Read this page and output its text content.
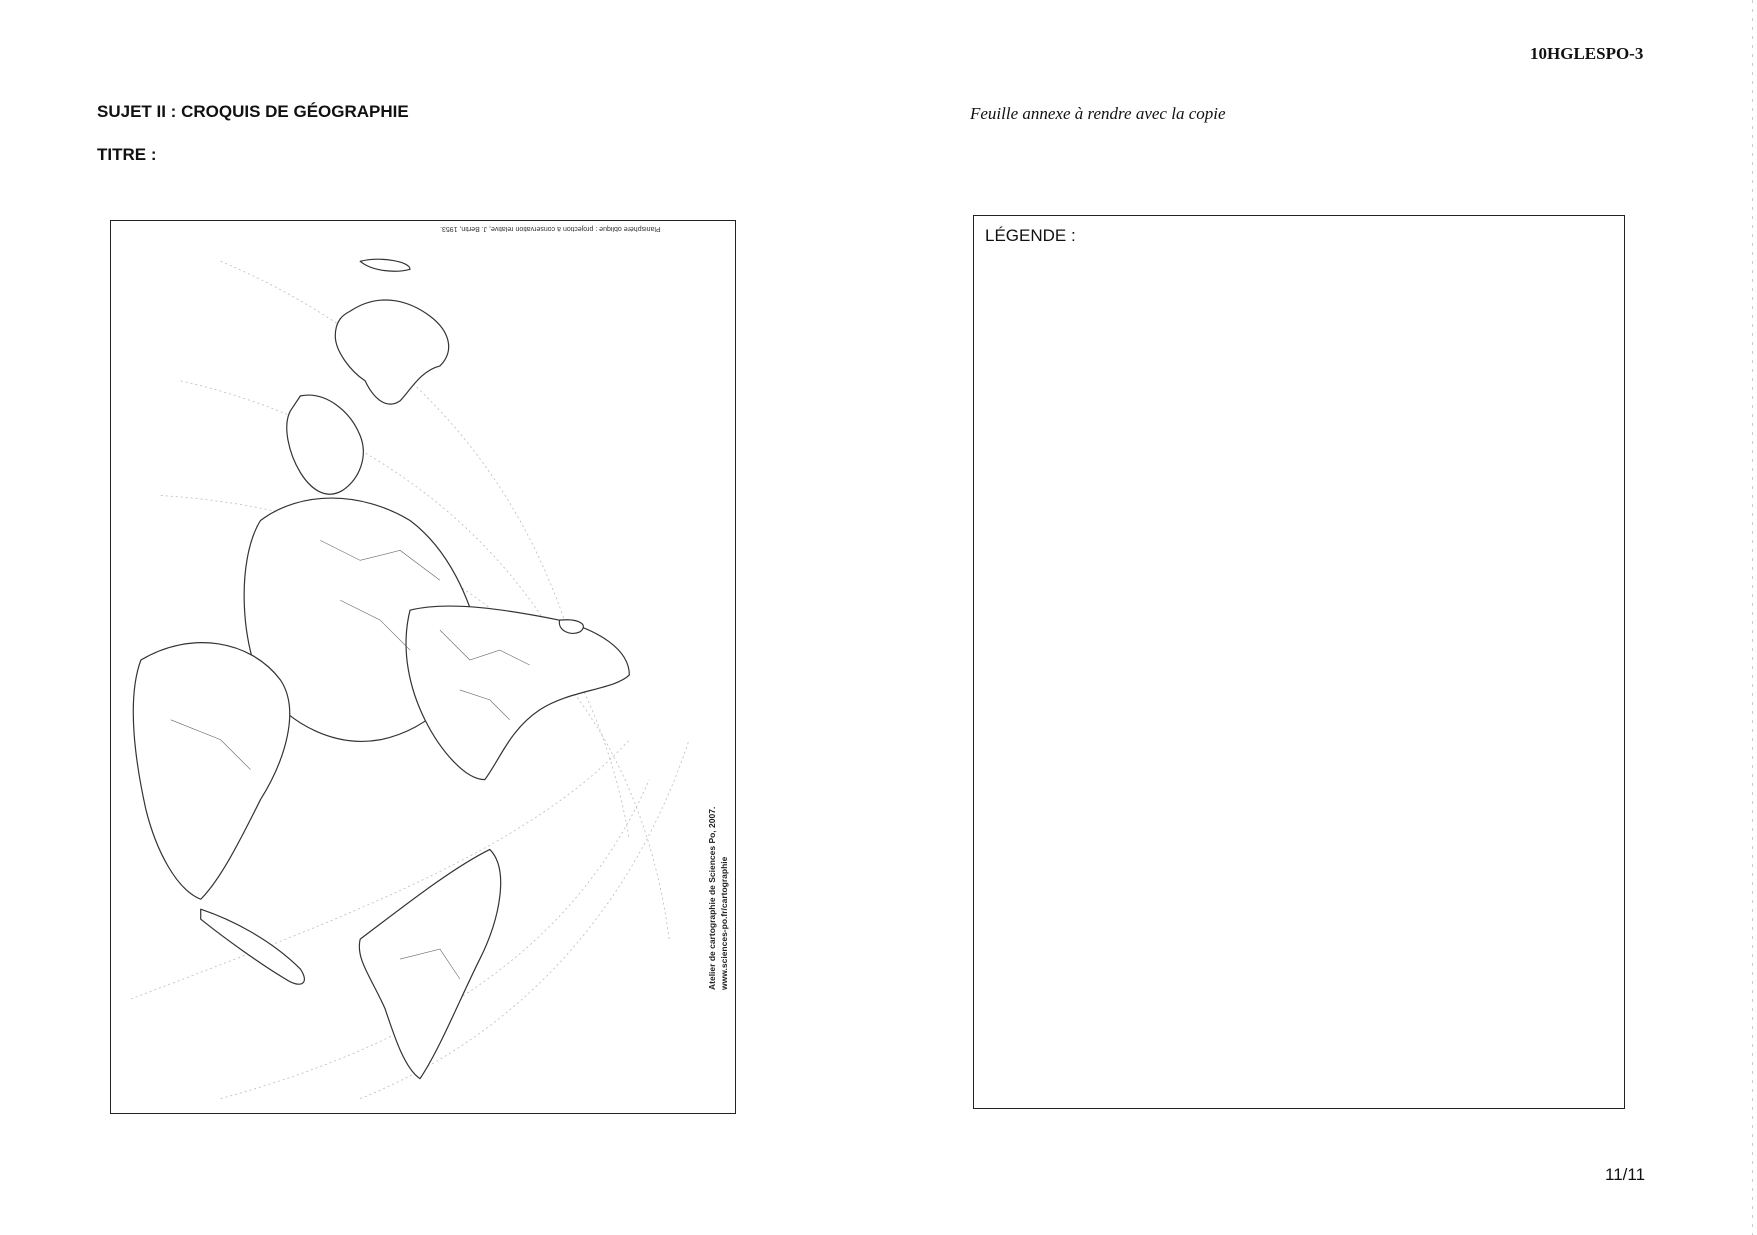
10HGLESPO-3
SUJET II : CROQUIS DE GÉOGRAPHIE
TITRE :
Feuille annexe à rendre avec la copie
Planisphère oblique : projection à conservation relative, J. Bertin, 1953.
Atelier de cartographie de Sciences Po, 2007. www.sciences-po.fr/cartographie
LÉGENDE :
11/11
